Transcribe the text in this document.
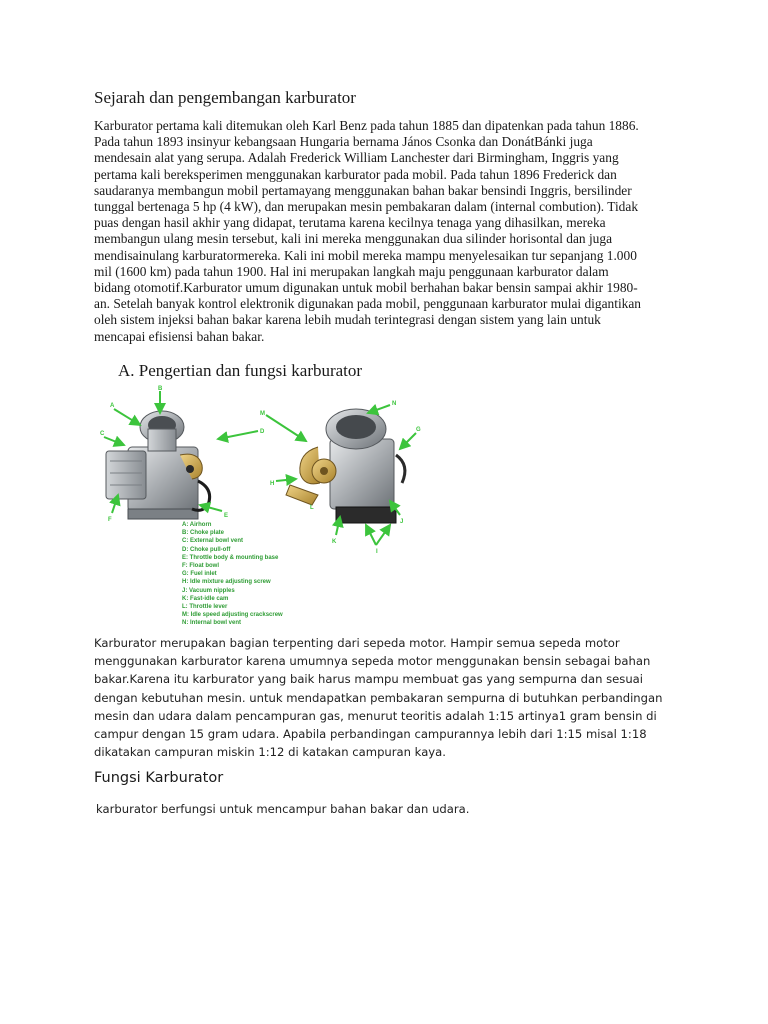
Sejarah dan pengembangan karburator

Karburator pertama kali ditemukan oleh Karl Benz pada tahun 1885 dan dipatenkan pada tahun 1886.
Pada tahun 1893 insinyur kebangsaan Hungaria bernama János Csonka dan DonátBánki juga
mendesain alat yang serupa. Adalah Frederick William Lanchester dari Birmingham, Inggris yang
pertama kali bereksperimen menggunakan karburator pada mobil. Pada tahun 1896 Frederick dan
saudaranya membangun mobil pertamayang menggunakan bahan bakar bensindi Inggris, bersilinder
tunggal bertenaga 5 hp (4 kW), dan merupakan mesin pembakaran dalam (internal combution). Tidak
puas dengan hasil akhir yang didapat, terutama karena kecilnya tenaga yang dihasilkan, mereka
membangun ulang mesin tersebut, kali ini mereka menggunakan dua silinder horisontal dan juga
mendisainulang karburatormereka. Kali ini mobil mereka mampu menyelesaikan tur sepanjang 1.000
mil (1600 km) pada tahun 1900. Hal ini merupakan langkah maju penggunaan karburator dalam
bidang otomotif.Karburator umum digunakan untuk mobil berhahan bakar bensin sampai akhir 1980-
an. Setelah banyak kontrol elektronik digunakan pada mobil, penggunaan karburator mulai digantikan
oleh sistem injeksi bahan bakar karena lebih mudah terintegrasi dengan sistem yang lain untuk
mencapai efisiensi bahan bakar.

A. Pengertian dan fungsi karburator
A
B
C	D
E
F
M
N
G
H
I
J
K
L
A: Airhorn
B: Choke plate
C: External bowl vent
D: Choke pull-off
E: Throttle body & mounting base
F: Float bowl
G: Fuel inlet
H: Idle mixture adjusting screw
J: Vacuum nipples
K: Fast-idle cam
L: Throttle lever
M: Idle speed adjusting crackscrew
N: Internal bowl vent

Karburator merupakan bagian terpenting dari sepeda motor. Hampir semua sepeda motor
menggunakan karburator karena umumnya sepeda motor menggunakan bensin sebagai bahan
bakar.Karena itu karburator yang baik harus mampu membuat gas yang sempurna dan sesuai
dengan kebutuhan mesin. untuk mendapatkan pembakaran sempurna di butuhkan perbandingan
mesin dan udara dalam pencampuran gas, menurut teoritis adalah 1:15 artinya1 gram bensin di
campur dengan 15 gram udara. Apabila perbandingan campurannya lebih dari 1:15 misal 1:18
dikatakan campuran miskin 1:12 di katakan campuran kaya.

Fungsi Karburator

karburator berfungsi untuk mencampur bahan bakar dan udara.
